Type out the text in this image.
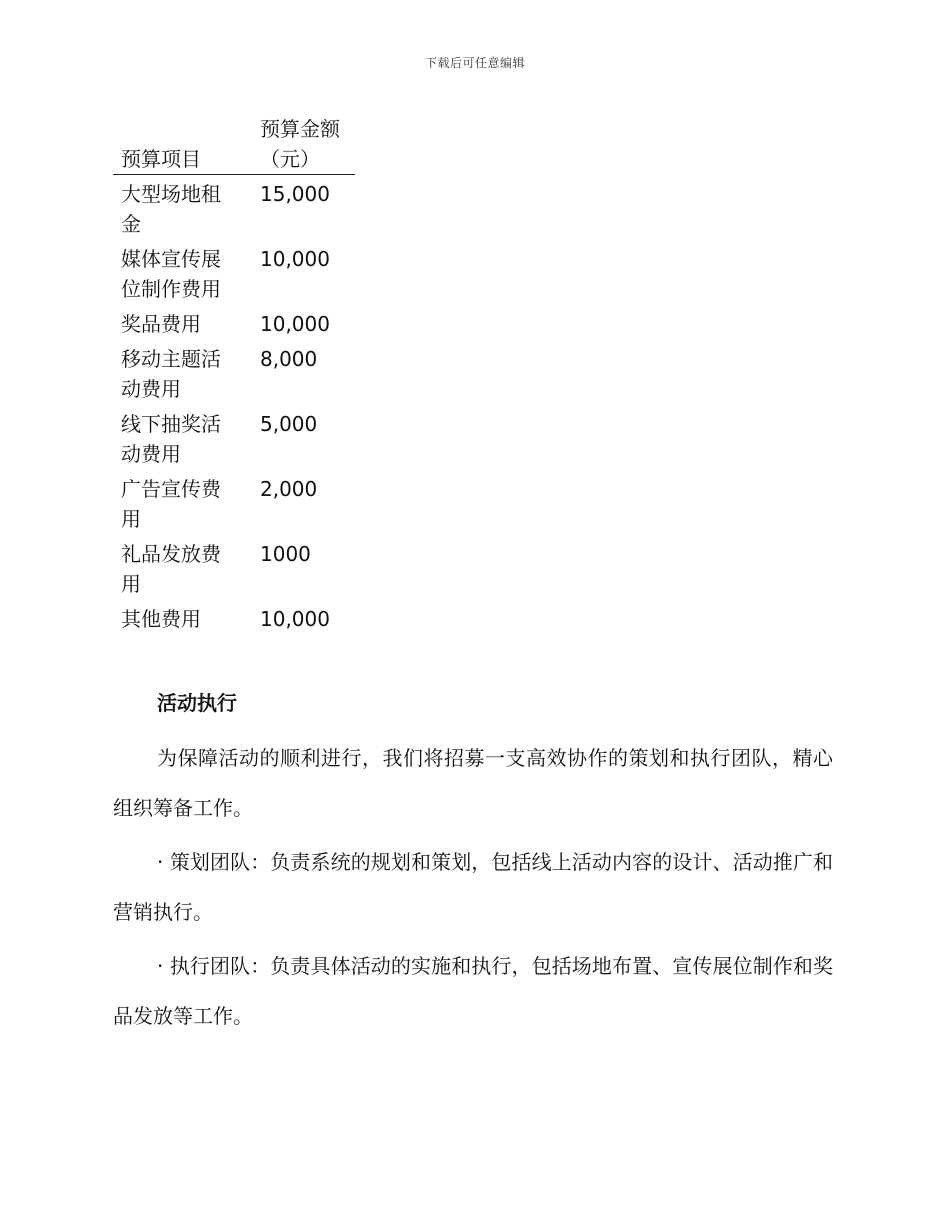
下载后可任意编辑
预算项目
预算金额（元）
大型场地租金
15,000
媒体宣传展位制作费用
10,000
奖品费用	10,000
移动主题活动费用
8,000
线下抽奖活动费用
5,000
广告宣传费用
2,000
礼品发放费用
1000
其他费用	10,000
活动执行

为保障活动的顺利进行，我们将招募一支高效协作的策划和执行团队，精心组织筹备工作。

· 策划团队：负责系统的规划和策划，包括线上活动内容的设计、活动推广和营销执行。

· 执行团队：负责具体活动的实施和执行，包括场地布置、宣传展位制作和奖品发放等工作。
